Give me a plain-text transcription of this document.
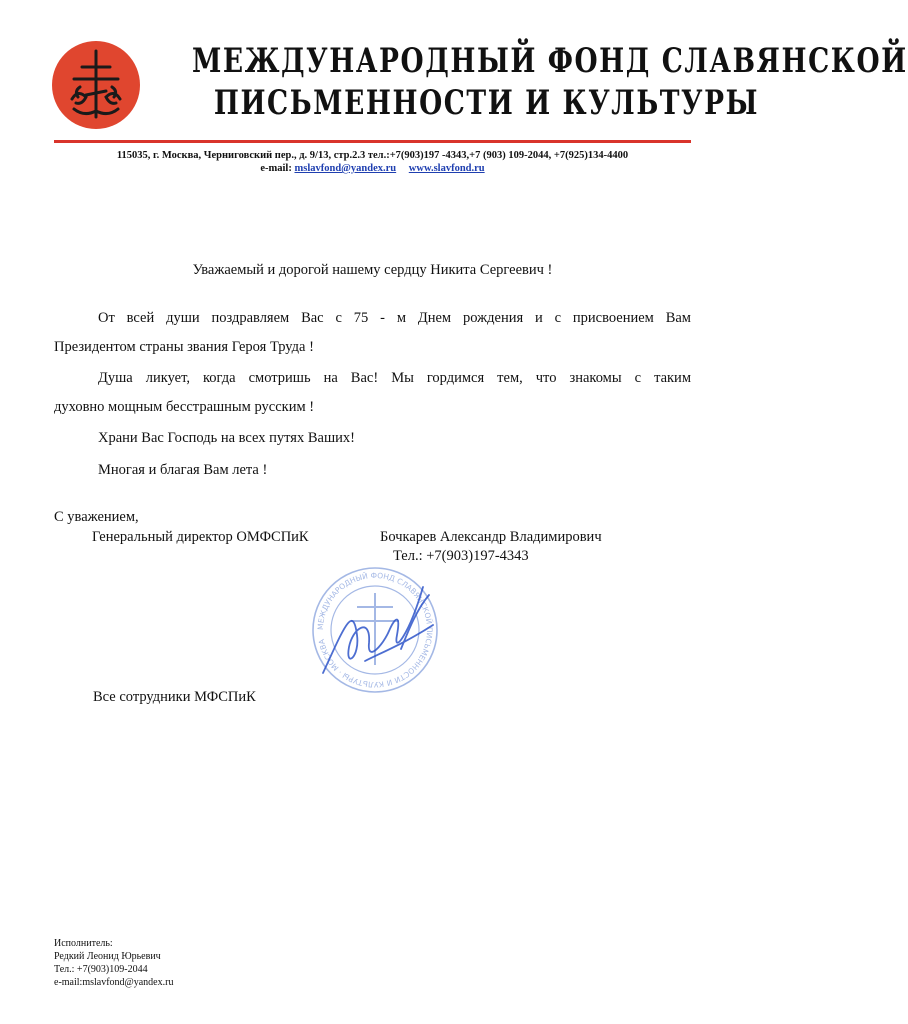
МЕЖДУНАРОДНЫЙ ФОНД СЛАВЯНСКОЙ
ПИСЬМЕННОСТИ И КУЛЬТУРЫ
115035, г. Москва, Черниговский пер., д. 9/13, стр.2.3 тел.:+7(903)197 -4343,+7 (903) 109-2044, +7(925)134-4400
e-mail: mslavfond@yandex.ru www.slavfond.ru
Уважаемый и дорогой нашему сердцу Никита Сергеевич !

От всей души поздравляем Вас с 75 - м Днем рождения и с присвоением Вам
Президентом страны звания Героя Труда !

Душа ликует, когда смотришь на Вас! Мы гордимся тем, что знакомы с таким
духовно мощным бесстрашным русским !

Храни Вас Господь на всех путях Ваших!

Многая и благая Вам лета !

С уважением,
Генеральный директор ОМФСПиК	Бочкарев Александр Владимирович
Тел.: +7(903)197-4343
МЕЖДУНАРОДНЫЙ ФОНД СЛАВЯНСКОЙ ПИСЬМЕННОСТИ И КУЛЬТУРЫ · МОСКВА
Все сотрудники МФСПиК
Исполнитель:
Редкий Леонид Юрьевич
Тел.: +7(903)109-2044
e-mail:mslavfond@yandex.ru
